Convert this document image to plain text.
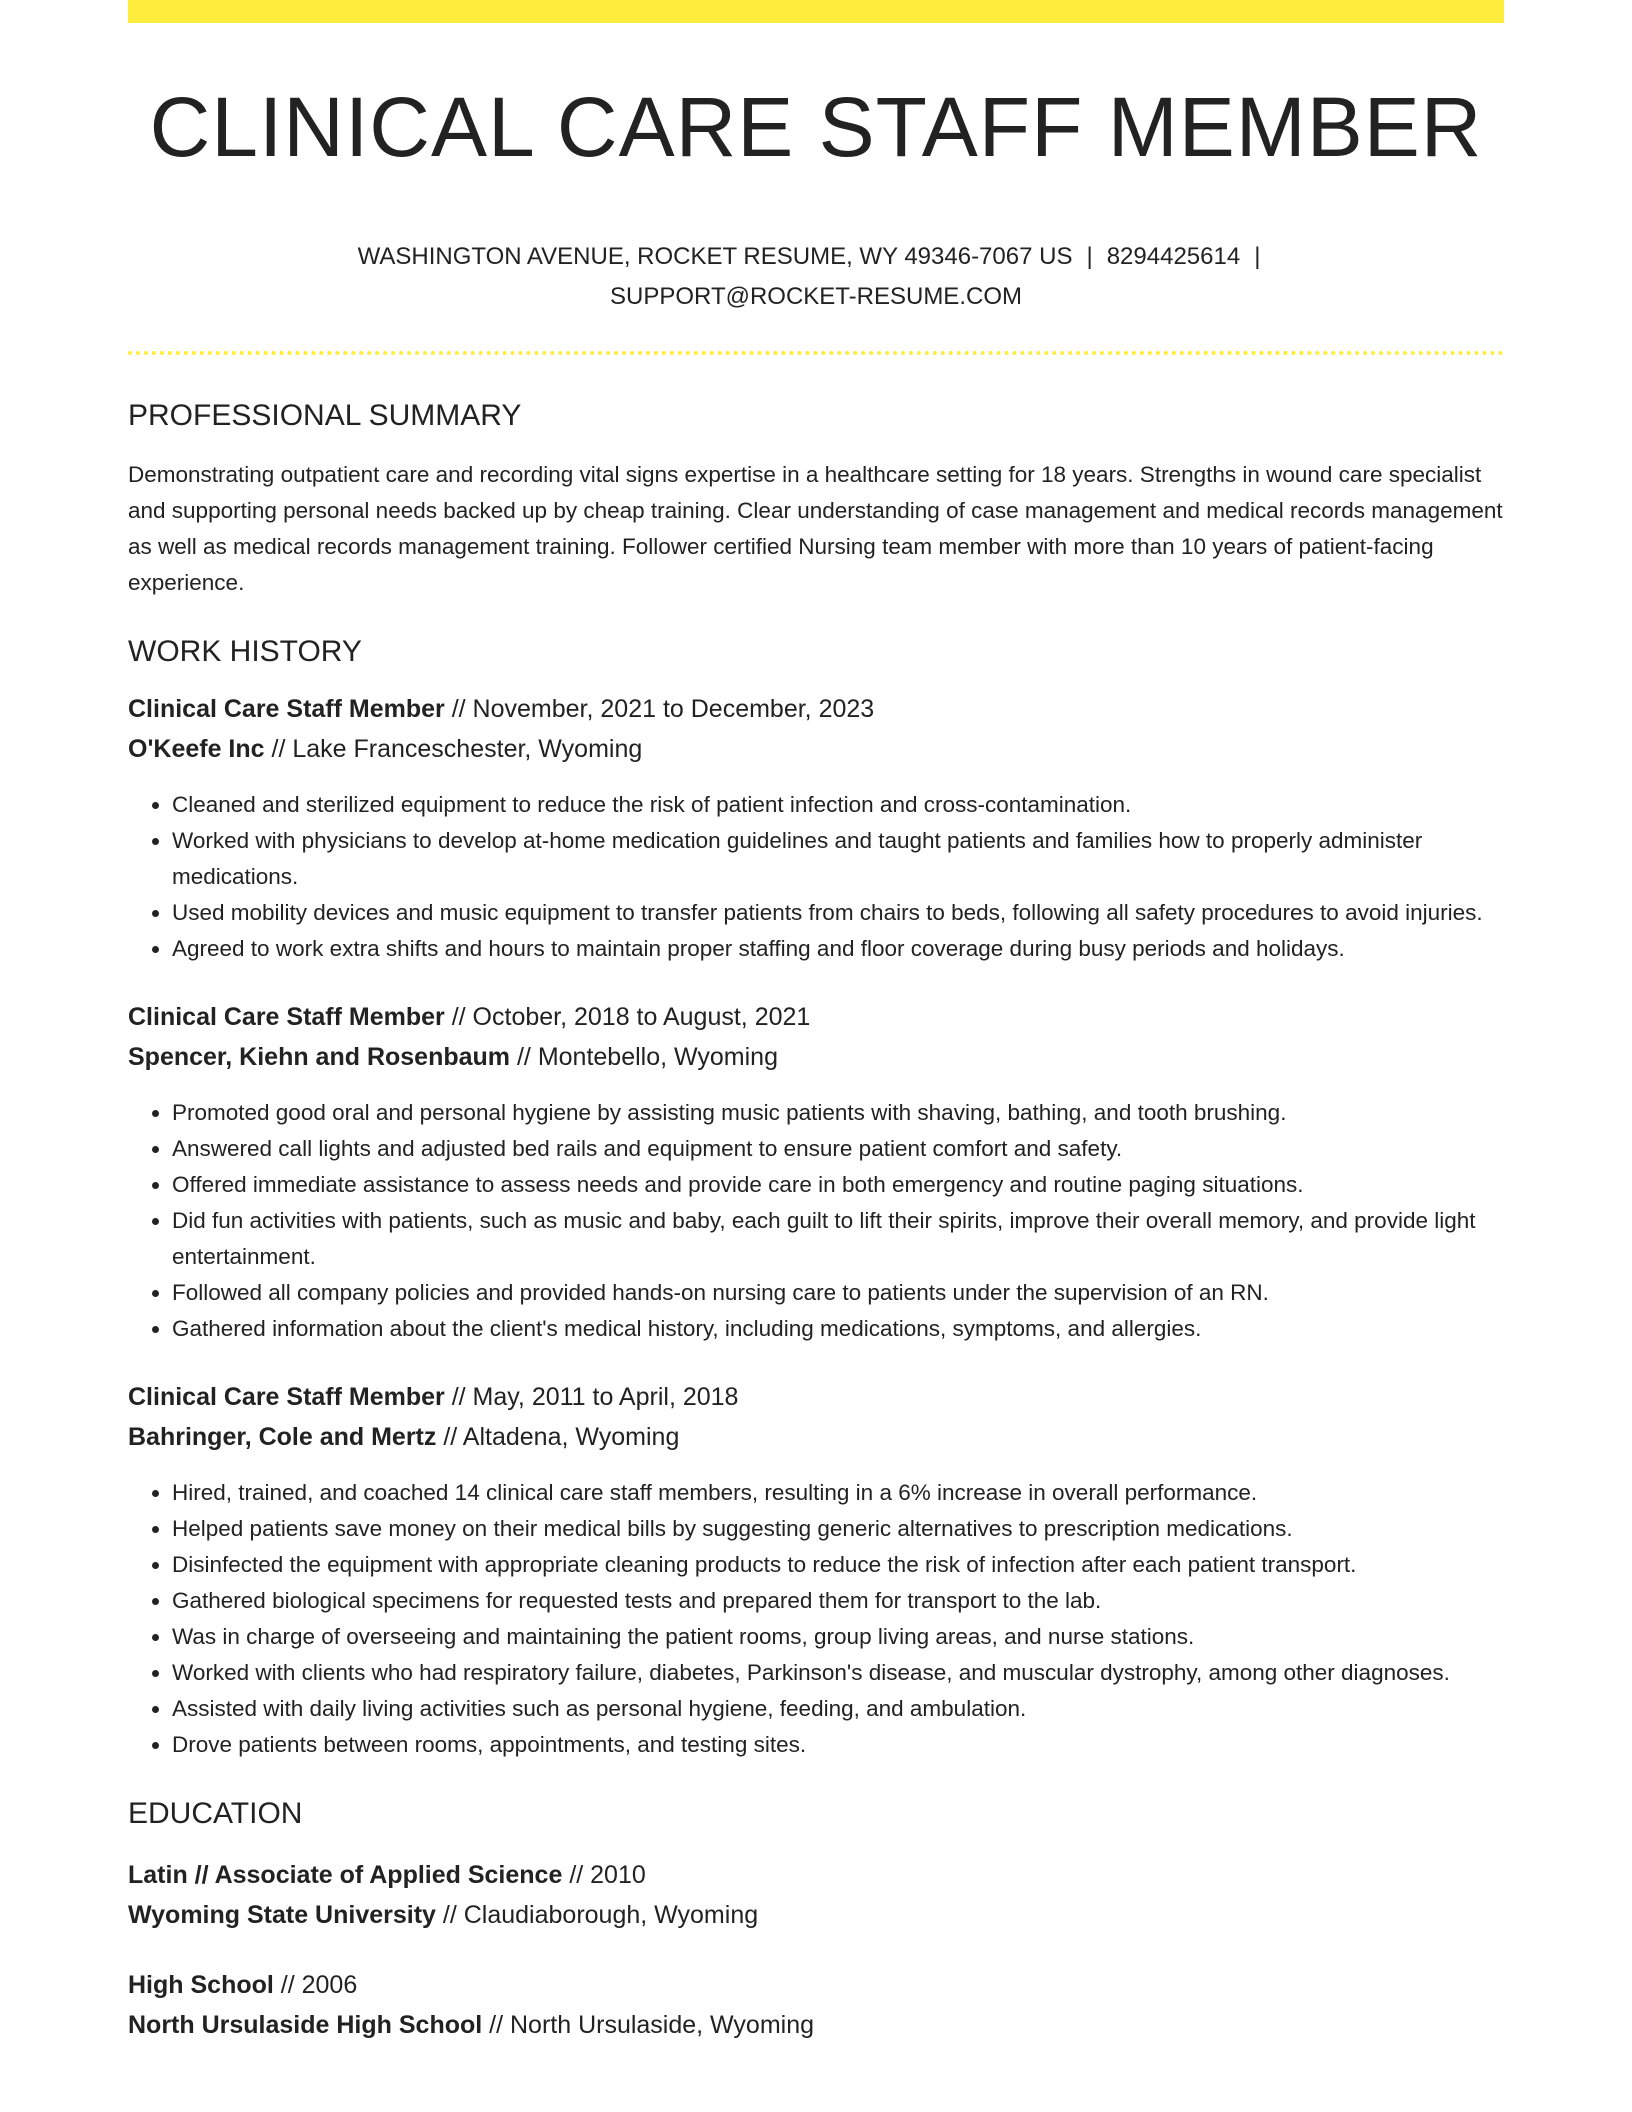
CLINICAL CARE STAFF MEMBER
WASHINGTON AVENUE, ROCKET RESUME, WY 49346-7067 US | 8294425614 |
SUPPORT@ROCKET-RESUME.COM
PROFESSIONAL SUMMARY
Demonstrating outpatient care and recording vital signs expertise in a healthcare setting for 18 years. Strengths in wound care specialist and supporting personal needs backed up by cheap training. Clear understanding of case management and medical records management as well as medical records management training. Follower certified Nursing team member with more than 10 years of patient-facing experience.
WORK HISTORY
Clinical Care Staff Member // November, 2021 to December, 2023
O'Keefe Inc // Lake Franceschester, Wyoming
• Cleaned and sterilized equipment to reduce the risk of patient infection and cross-contamination.
• Worked with physicians to develop at-home medication guidelines and taught patients and families how to properly administer medications.
• Used mobility devices and music equipment to transfer patients from chairs to beds, following all safety procedures to avoid injuries.
• Agreed to work extra shifts and hours to maintain proper staffing and floor coverage during busy periods and holidays.
Clinical Care Staff Member // October, 2018 to August, 2021
Spencer, Kiehn and Rosenbaum // Montebello, Wyoming
• Promoted good oral and personal hygiene by assisting music patients with shaving, bathing, and tooth brushing.
• Answered call lights and adjusted bed rails and equipment to ensure patient comfort and safety.
• Offered immediate assistance to assess needs and provide care in both emergency and routine paging situations.
• Did fun activities with patients, such as music and baby, each guilt to lift their spirits, improve their overall memory, and provide light entertainment.
• Followed all company policies and provided hands-on nursing care to patients under the supervision of an RN.
• Gathered information about the client's medical history, including medications, symptoms, and allergies.
Clinical Care Staff Member // May, 2011 to April, 2018
Bahringer, Cole and Mertz // Altadena, Wyoming
• Hired, trained, and coached 14 clinical care staff members, resulting in a 6% increase in overall performance.
• Helped patients save money on their medical bills by suggesting generic alternatives to prescription medications.
• Disinfected the equipment with appropriate cleaning products to reduce the risk of infection after each patient transport.
• Gathered biological specimens for requested tests and prepared them for transport to the lab.
• Was in charge of overseeing and maintaining the patient rooms, group living areas, and nurse stations.
• Worked with clients who had respiratory failure, diabetes, Parkinson's disease, and muscular dystrophy, among other diagnoses.
• Assisted with daily living activities such as personal hygiene, feeding, and ambulation.
• Drove patients between rooms, appointments, and testing sites.
EDUCATION
Latin // Associate of Applied Science // 2010
Wyoming State University // Claudiaborough, Wyoming
High School // 2006
North Ursulaside High School // North Ursulaside, Wyoming
